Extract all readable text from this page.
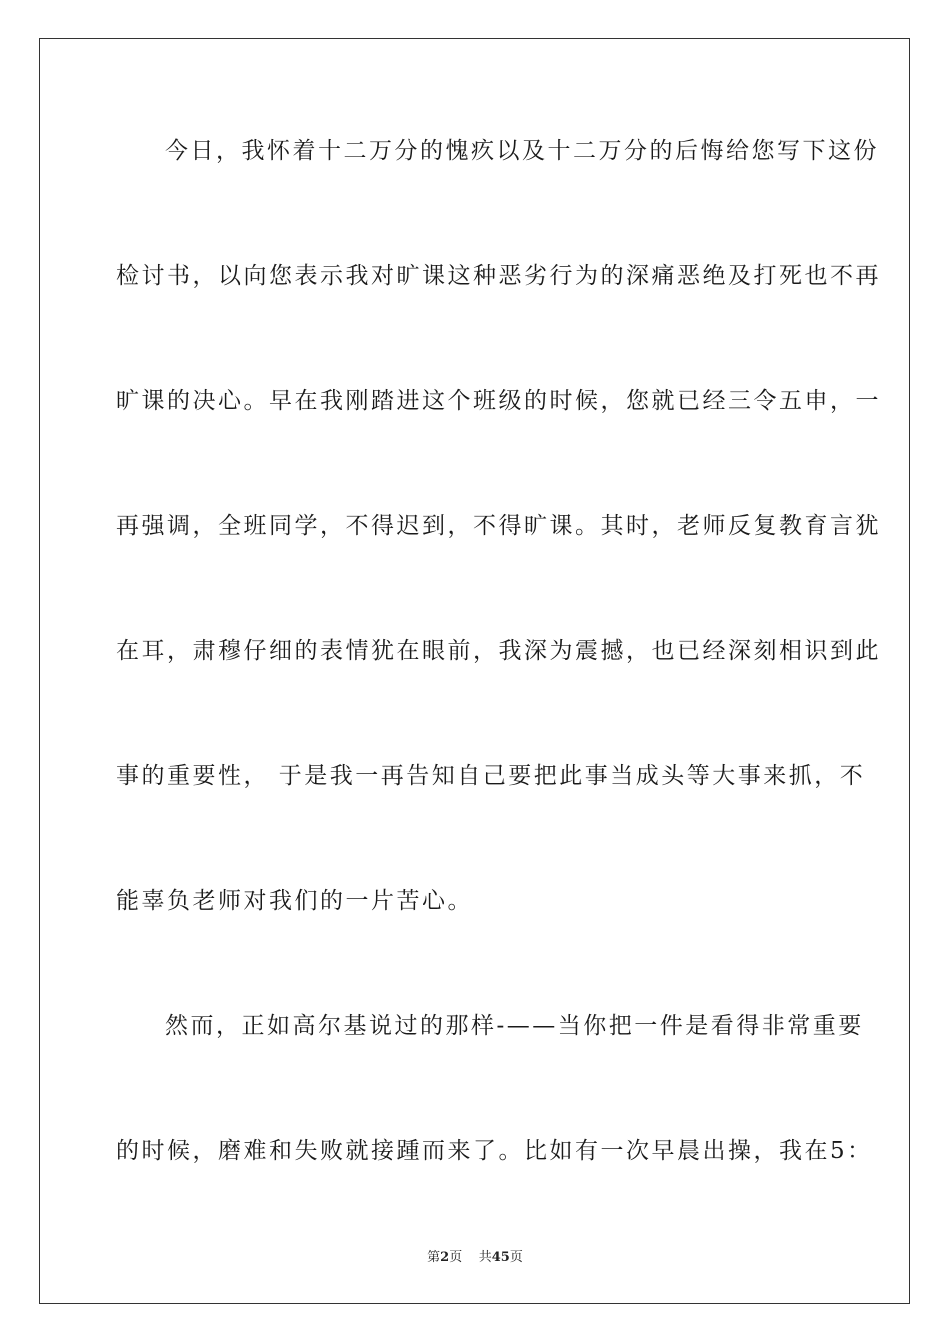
今日，我怀着十二万分的愧疚以及十二万分的后悔给您写下这份
检讨书，以向您表示我对旷课这种恶劣行为的深痛恶绝及打死也不再
旷课的决心。早在我刚踏进这个班级的时候，您就已经三令五申，一
再强调，全班同学，不得迟到，不得旷课。其时，老师反复教育言犹
在耳，肃穆仔细的表情犹在眼前，我深为震撼，也已经深刻相识到此
事的重要性， 于是我一再告知自己要把此事当成头等大事来抓，不
能辜负老师对我们的一片苦心。
然而，正如高尔基说过的那样-——当你把一件是看得非常重要
的时候，磨难和失败就接踵而来了。比如有一次早晨出操，我在5：
第2页 共45页
